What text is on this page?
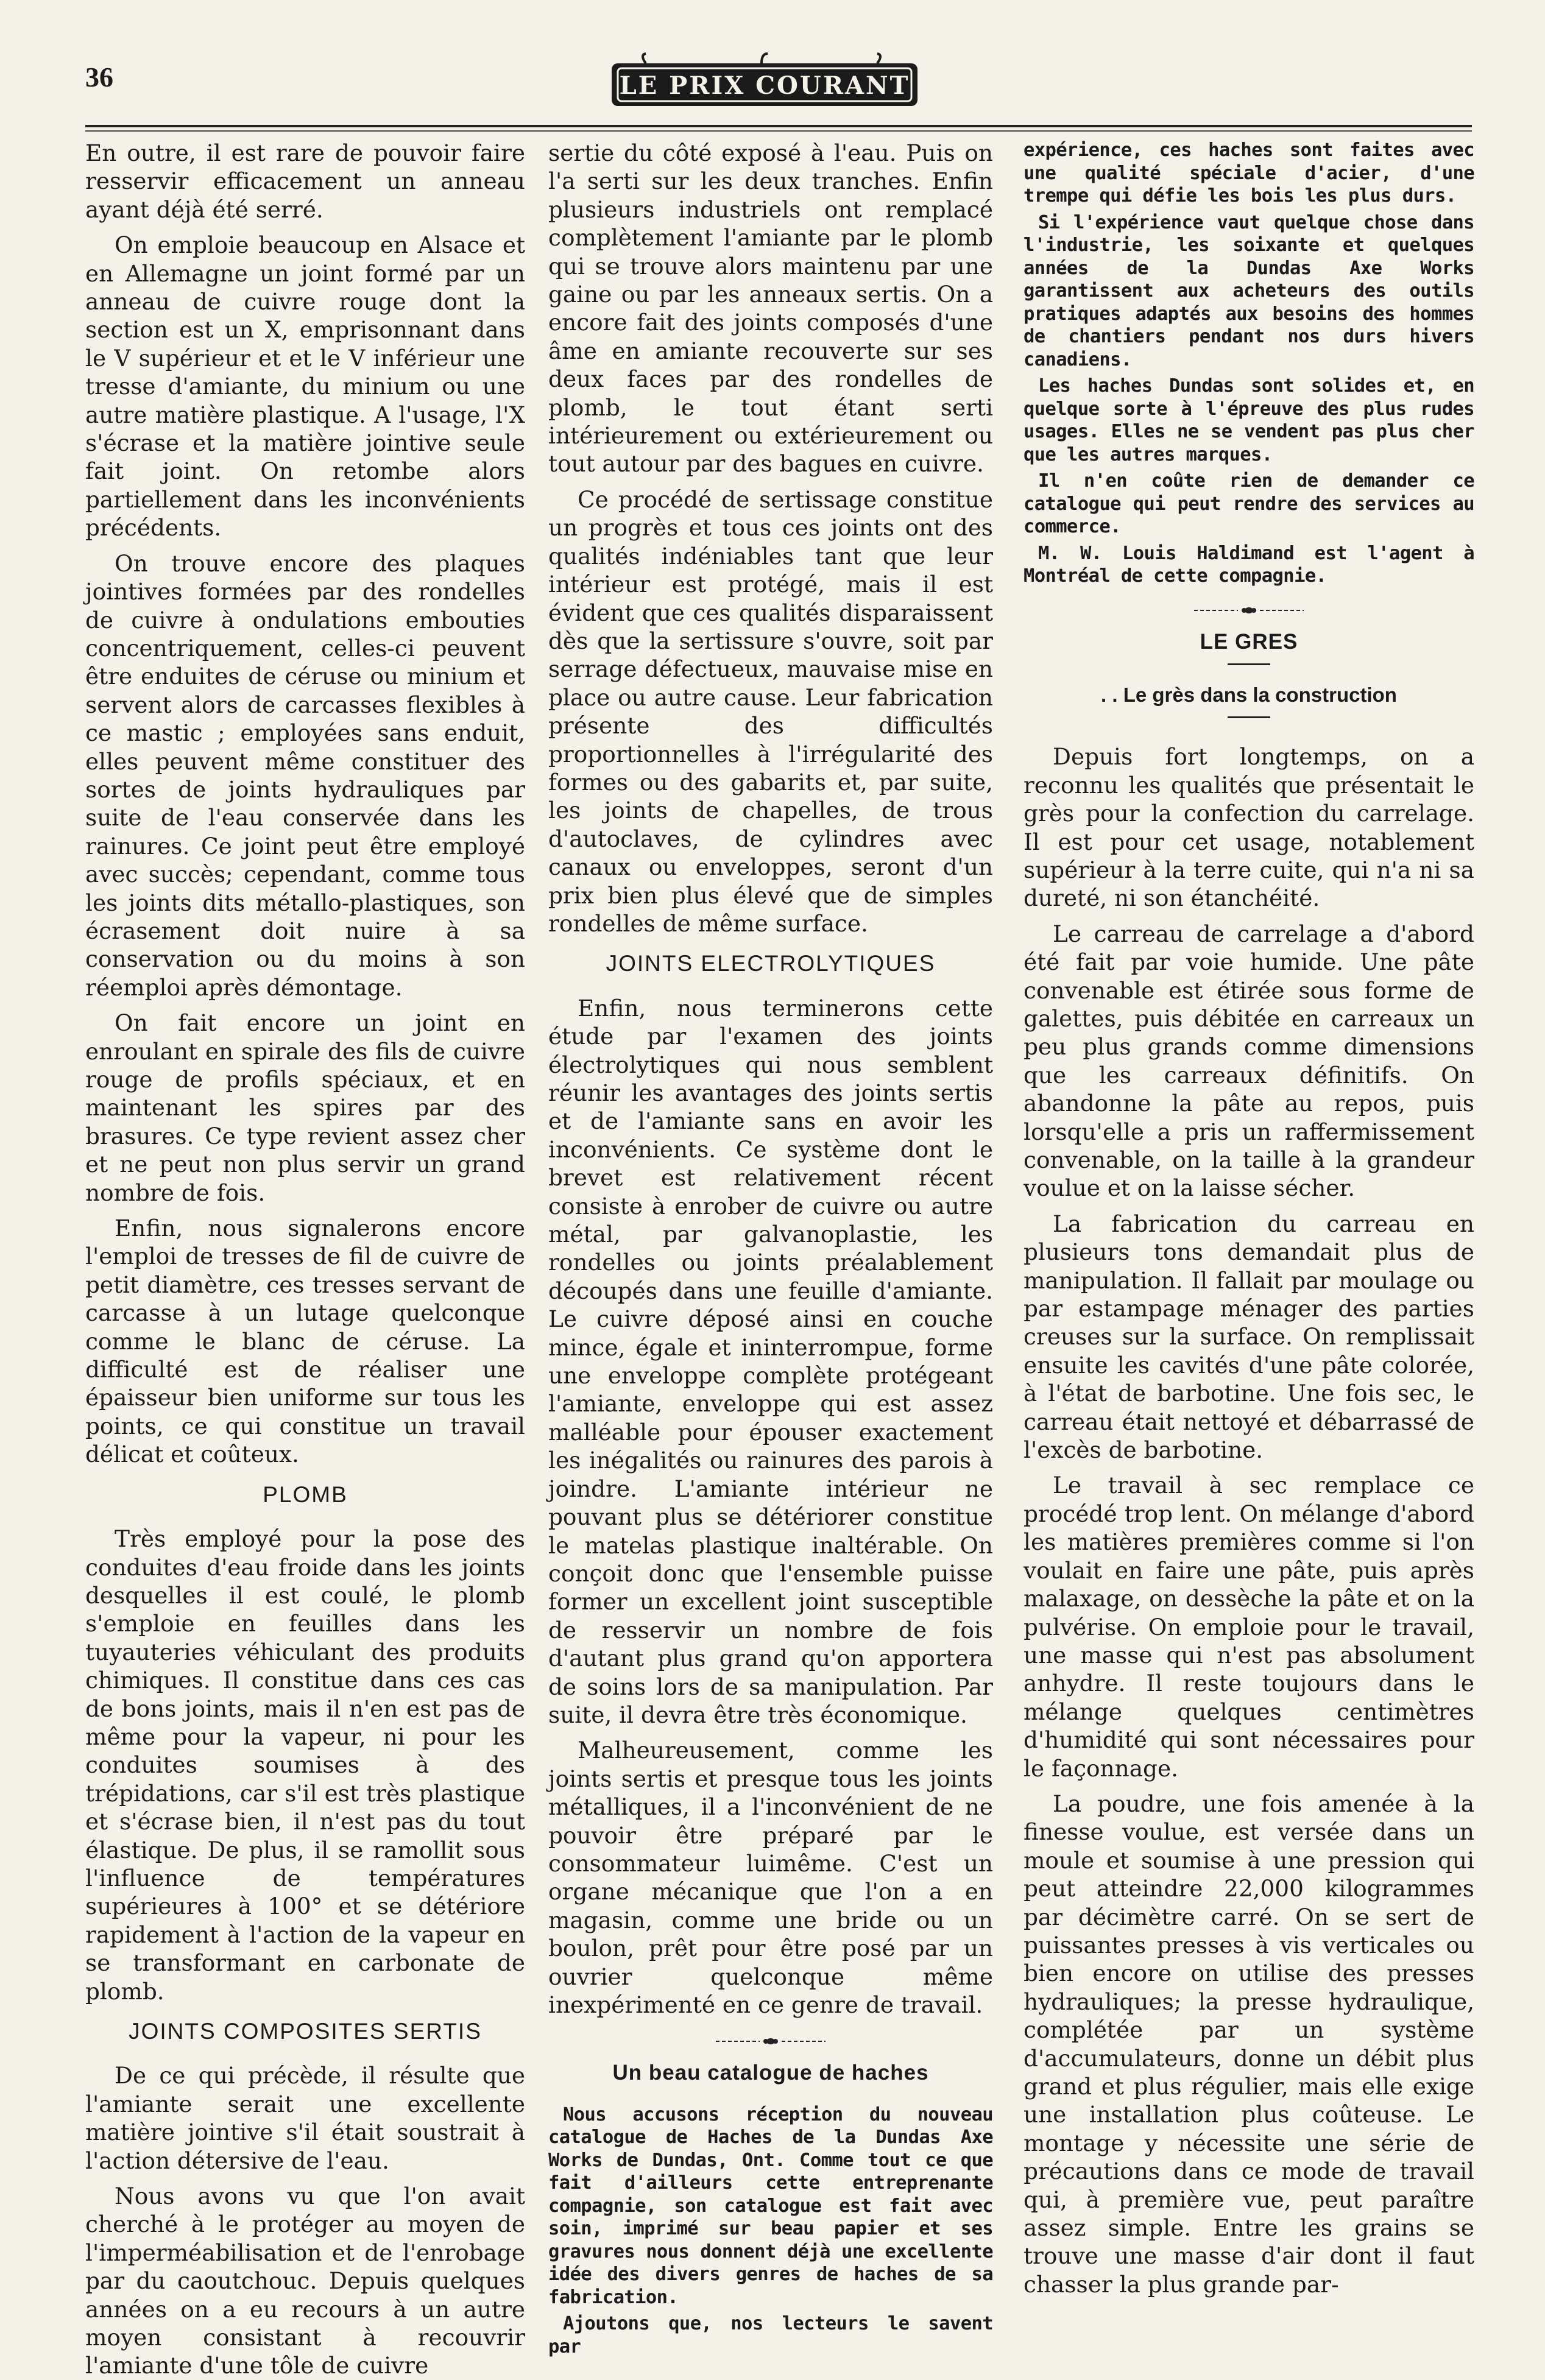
36	LE PRIX COURANT

En outre, il est rare de pouvoir faire resservir efficacement un anneau ayant déjà été serré.

On emploie beaucoup en Alsace et en Allemagne un joint formé par un anneau de cuivre rouge dont la section est un X, emprisonnant dans le V supérieur et et le V inférieur une tresse d'amiante, du minium ou une autre matière plastique. A l'usage, l'X s'écrase et la matière jointive seule fait joint. On retombe alors partiellement dans les inconvénients précédents.

On trouve encore des plaques jointives formées par des rondelles de cuivre à ondulations embouties concentriquement, celles-ci peuvent être enduites de céruse ou minium et servent alors de carcasses flexibles à ce mastic ; employées sans enduit, elles peuvent même constituer des sortes de joints hydrauliques par suite de l'eau conservée dans les rainures. Ce joint peut être employé avec succès; cependant, comme tous les joints dits métallo-plastiques, son écrasement doit nuire à sa conservation ou du moins à son réemploi après démontage.

On fait encore un joint en enroulant en spirale des fils de cuivre rouge de profils spéciaux, et en maintenant les spires par des brasures. Ce type revient assez cher et ne peut non plus servir un grand nombre de fois.

Enfin, nous signalerons encore l'emploi de tresses de fil de cuivre de petit diamètre, ces tresses servant de carcasse à un lutage quelconque comme le blanc de céruse. La difficulté est de réaliser une épaisseur bien uniforme sur tous les points, ce qui constitue un travail délicat et coûteux.

PLOMB

Très employé pour la pose des conduites d'eau froide dans les joints desquelles il est coulé, le plomb s'emploie en feuilles dans les tuyauteries véhiculant des produits chimiques. Il constitue dans ces cas de bons joints, mais il n'en est pas de même pour la vapeur, ni pour les conduites soumises à des trépidations, car s'il est très plastique et s'écrase bien, il n'est pas du tout élastique. De plus, il se ramollit sous l'influence de températures supérieures à 100° et se détériore rapidement à l'action de la vapeur en se transformant en carbonate de plomb.

JOINTS COMPOSITES SERTIS

De ce qui précède, il résulte que l'amiante serait une excellente matière jointive s'il était soustrait à l'action détersive de l'eau.

Nous avons vu que l'on avait cherché à le protéger au moyen de l'imperméabilisation et de l'enrobage par du caoutchouc. Depuis quelques années on a eu recours à un autre moyen consistant à recouvrir l'amiante d'une tôle de cuivre

sertie du côté exposé à l'eau. Puis on l'a serti sur les deux tranches. Enfin plusieurs industriels ont remplacé complètement l'amiante par le plomb qui se trouve alors maintenu par une gaine ou par les anneaux sertis. On a encore fait des joints composés d'une âme en amiante recouverte sur ses deux faces par des rondelles de plomb, le tout étant serti intérieurement ou extérieurement ou tout autour par des bagues en cuivre.

Ce procédé de sertissage constitue un progrès et tous ces joints ont des qualités indéniables tant que leur intérieur est protégé, mais il est évident que ces qualités disparaissent dès que la sertissure s'ouvre, soit par serrage défectueux, mauvaise mise en place ou autre cause. Leur fabrication présente des difficultés proportionnelles à l'irrégularité des formes ou des gabarits et, par suite, les joints de chapelles, de trous d'autoclaves, de cylindres avec canaux ou enveloppes, seront d'un prix bien plus élevé que de simples rondelles de même surface.

JOINTS ELECTROLYTIQUES

Enfin, nous terminerons cette étude par l'examen des joints électrolytiques qui nous semblent réunir les avantages des joints sertis et de l'amiante sans en avoir les inconvénients. Ce système dont le brevet est relativement récent consiste à enrober de cuivre ou autre métal, par galvanoplastie, les rondelles ou joints préalablement découpés dans une feuille d'amiante. Le cuivre déposé ainsi en couche mince, égale et ininterrompue, forme une enveloppe complète protégeant l'amiante, enveloppe qui est assez malléable pour épouser exactement les inégalités ou rainures des parois à joindre. L'amiante intérieur ne pouvant plus se détériorer constitue le matelas plastique inaltérable. On conçoit donc que l'ensemble puisse former un excellent joint susceptible de resservir un nombre de fois d'autant plus grand qu'on apportera de soins lors de sa manipulation. Par suite, il devra être très économique.

Malheureusement, comme les joints sertis et presque tous les joints métalliques, il a l'inconvénient de ne pouvoir être préparé par le consommateur luimême. C'est un organe mécanique que l'on a en magasin, comme une bride ou un boulon, prêt pour être posé par un ouvrier quelconque même inexpérimenté en ce genre de travail.

Un beau catalogue de haches

Nous accusons réception du nouveau catalogue de Haches de la Dundas Axe Works de Dundas, Ont. Comme tout ce que fait d'ailleurs cette entreprenante compagnie, son catalogue est fait avec soin, imprimé sur beau papier et ses gravures nous donnent déjà une excellente idée des divers genres de haches de sa fabrication.

Ajoutons que, nos lecteurs le savent par

expérience, ces haches sont faites avec une qualité spéciale d'acier, d'une trempe qui défie les bois les plus durs.

Si l'expérience vaut quelque chose dans l'industrie, les soixante et quelques années de la Dundas Axe Works garantissent aux acheteurs des outils pratiques adaptés aux besoins des hommes de chantiers pendant nos durs hivers canadiens.

Les haches Dundas sont solides et, en quelque sorte à l'épreuve des plus rudes usages. Elles ne se vendent pas plus cher que les autres marques.

Il n'en coûte rien de demander ce catalogue qui peut rendre des services au commerce.

M. W. Louis Haldimand est l'agent à Montréal de cette compagnie.

LE GRES
. . Le grès dans la construction

Depuis fort longtemps, on a reconnu les qualités que présentait le grès pour la confection du carrelage. Il est pour cet usage, notablement supérieur à la terre cuite, qui n'a ni sa dureté, ni son étanchéité.

Le carreau de carrelage a d'abord été fait par voie humide. Une pâte convenable est étirée sous forme de galettes, puis débitée en carreaux un peu plus grands comme dimensions que les carreaux définitifs. On abandonne la pâte au repos, puis lorsqu'elle a pris un raffermissement convenable, on la taille à la grandeur voulue et on la laisse sécher.

La fabrication du carreau en plusieurs tons demandait plus de manipulation. Il fallait par moulage ou par estampage ménager des parties creuses sur la surface. On remplissait ensuite les cavités d'une pâte colorée, à l'état de barbotine. Une fois sec, le carreau était nettoyé et débarrassé de l'excès de barbotine.

Le travail à sec remplace ce procédé trop lent. On mélange d'abord les matières premières comme si l'on voulait en faire une pâte, puis après malaxage, on dessèche la pâte et on la pulvérise. On emploie pour le travail, une masse qui n'est pas absolument anhydre. Il reste toujours dans le mélange quelques centimètres d'humidité qui sont nécessaires pour le façonnage.

La poudre, une fois amenée à la finesse voulue, est versée dans un moule et soumise à une pression qui peut atteindre 22,000 kilogrammes par décimètre carré. On se sert de puissantes presses à vis verticales ou bien encore on utilise des presses hydrauliques; la presse hydraulique, complétée par un système d'accumulateurs, donne un débit plus grand et plus régulier, mais elle exige une installation plus coûteuse. Le montage y nécessite une série de précautions dans ce mode de travail qui, à première vue, peut paraître assez simple. Entre les grains se trouve une masse d'air dont il faut chasser la plus grande par-
